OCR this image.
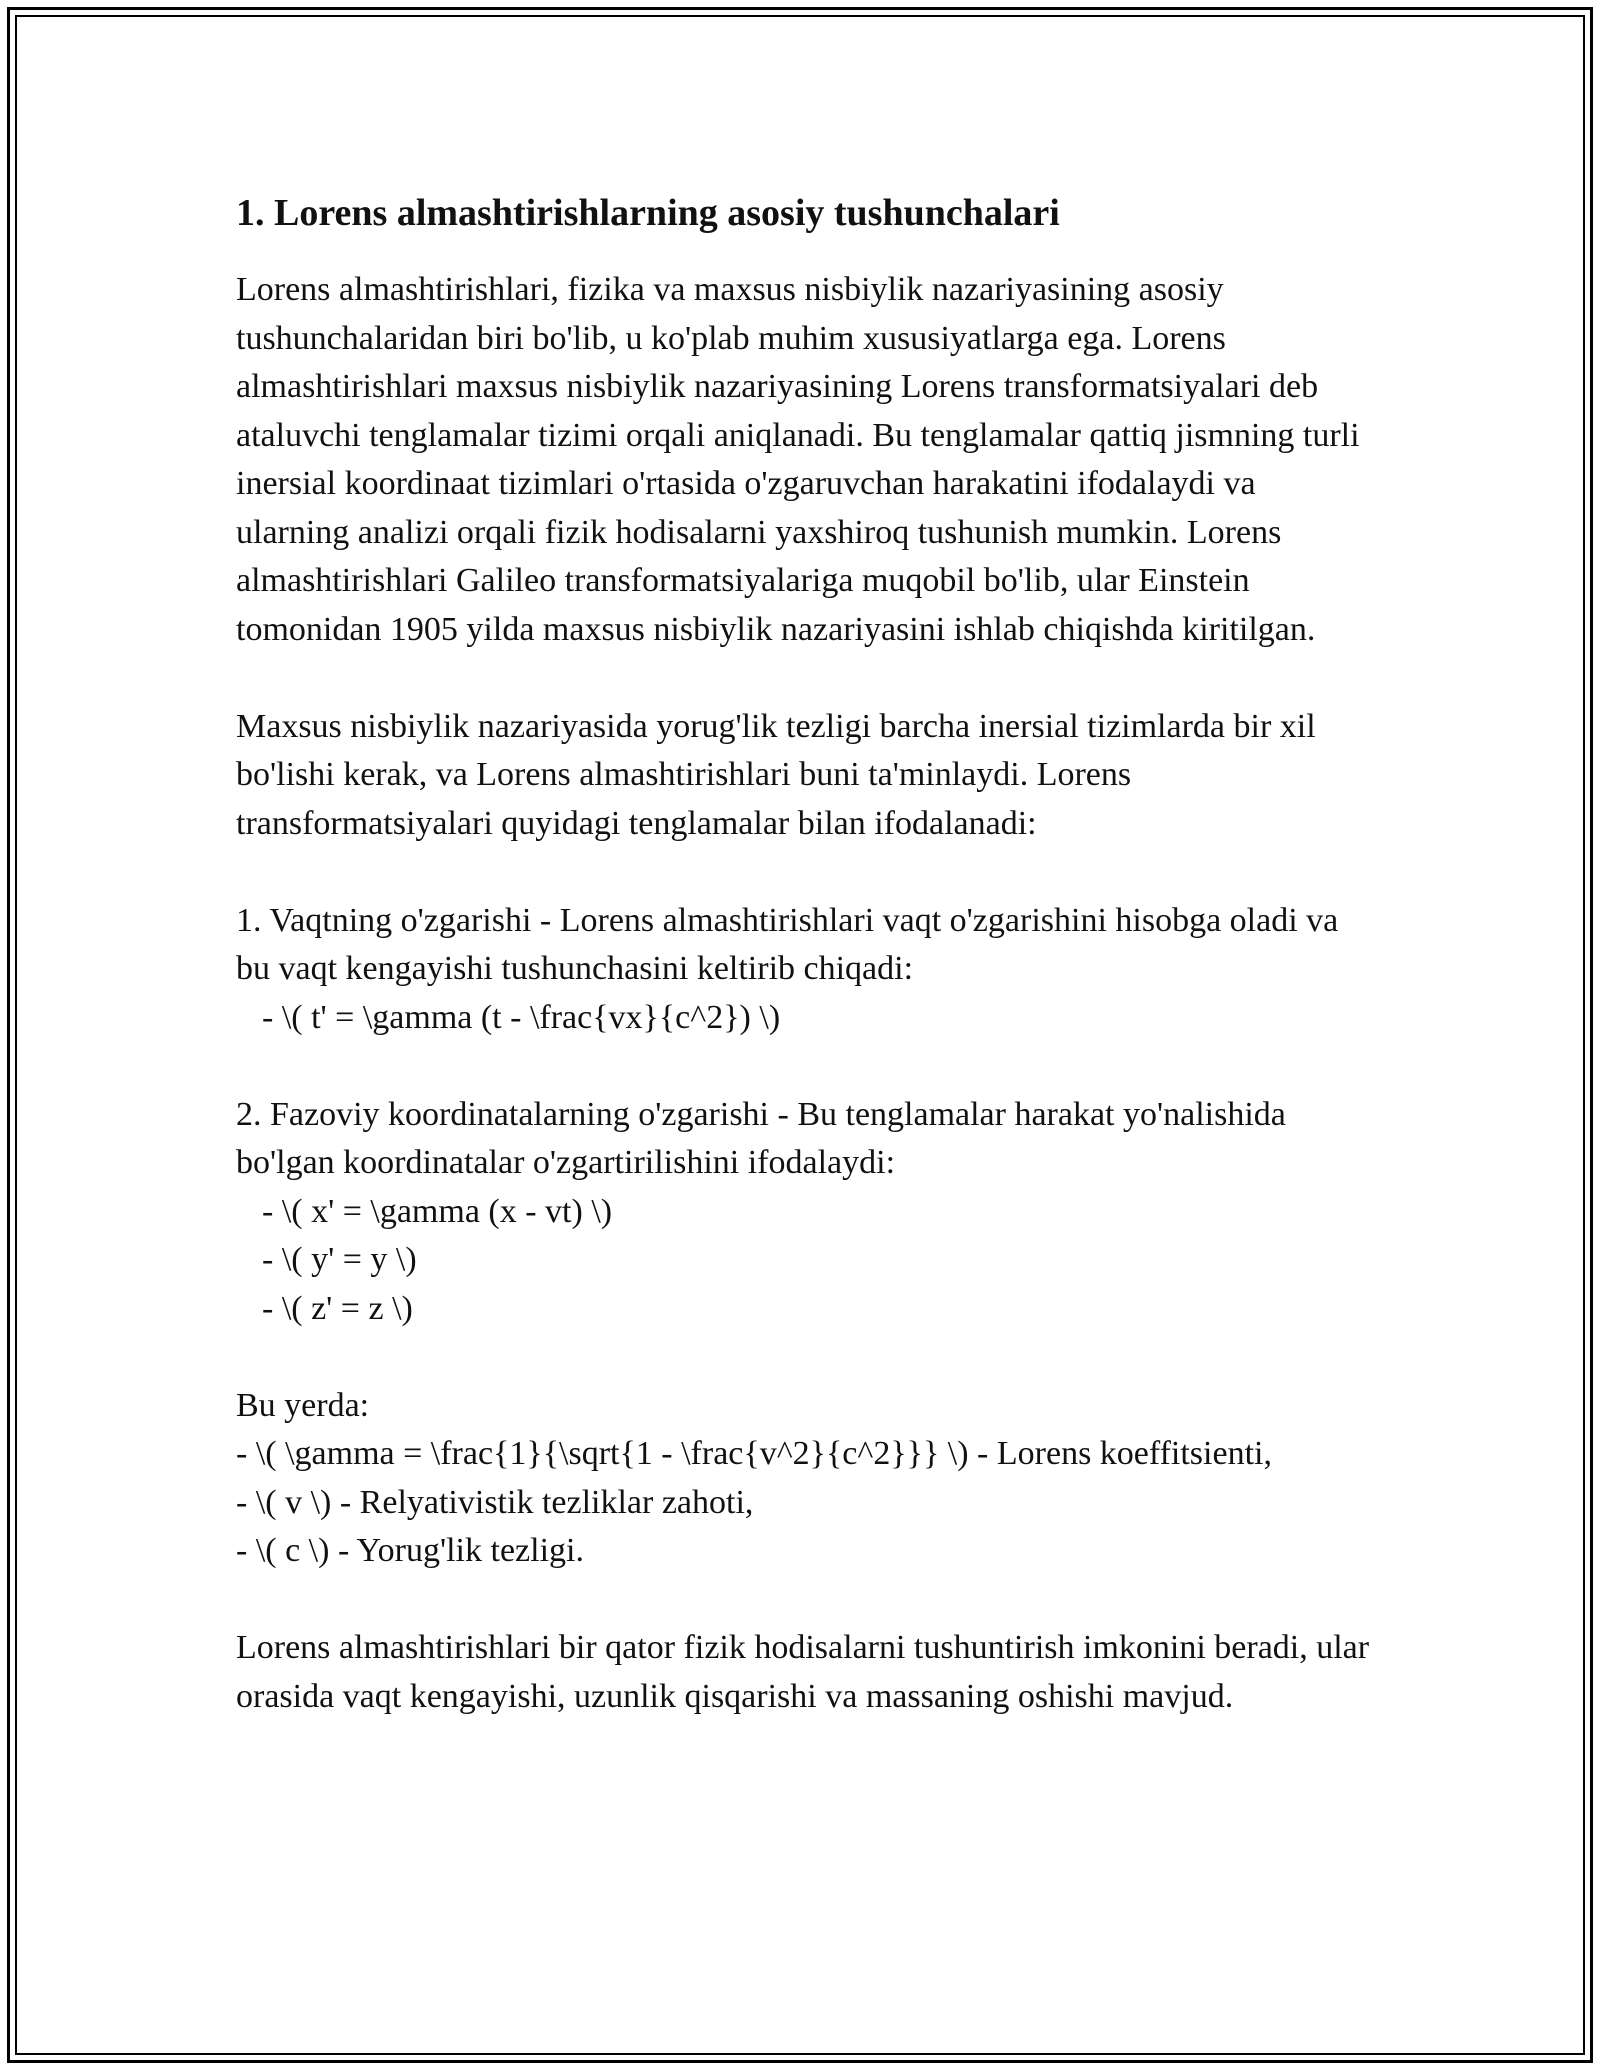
1. Lorens almashtirishlarning asosiy tushunchalari

Lorens almashtirishlari, fizika va maxsus nisbiylik nazariyasining asosiy tushunchalaridan biri bo'lib, u ko'plab muhim xususiyatlarga ega. Lorens almashtirishlari maxsus nisbiylik nazariyasining Lorens transformatsiyalari deb ataluvchi tenglamalar tizimi orqali aniqlanadi. Bu tenglamalar qattiq jismning turli inersial koordinaat tizimlari o'rtasida o'zgaruvchan harakatini ifodalaydi va ularning analizi orqali fizik hodisalarni yaxshiroq tushunish mumkin. Lorens almashtirishlari Galileo transformatsiyalariga muqobil bo'lib, ular Einstein tomonidan 1905 yilda maxsus nisbiylik nazariyasini ishlab chiqishda kiritilgan.

Maxsus nisbiylik nazariyasida yorug'lik tezligi barcha inersial tizimlarda bir xil bo'lishi kerak, va Lorens almashtirishlari buni ta'minlaydi. Lorens transformatsiyalari quyidagi tenglamalar bilan ifodalanadi:

1. Vaqtning o'zgarishi - Lorens almashtirishlari vaqt o'zgarishini hisobga oladi va bu vaqt kengayishi tushunchasini keltirib chiqadi:
- \( t' = \gamma (t - \frac{vx}{c^2}) \)
2. Fazoviy koordinatalarning o'zgarishi - Bu tenglamalar harakat yo'nalishida bo'lgan koordinatalar o'zgartirilishini ifodalaydi:
- \( x' = \gamma (x - vt) \)
- \( y' = y \)
- \( z' = z \)
Bu yerda:
- \( \gamma = \frac{1}{\sqrt{1 - \frac{v^2}{c^2}}} \) - Lorens koeffitsienti,
- \( v \) - Relyativistik tezliklar zahoti,
- \( c \) - Yorug'lik tezligi.

Lorens almashtirishlari bir qator fizik hodisalarni tushuntirish imkonini beradi, ular orasida vaqt kengayishi, uzunlik qisqarishi va massaning oshishi mavjud.
